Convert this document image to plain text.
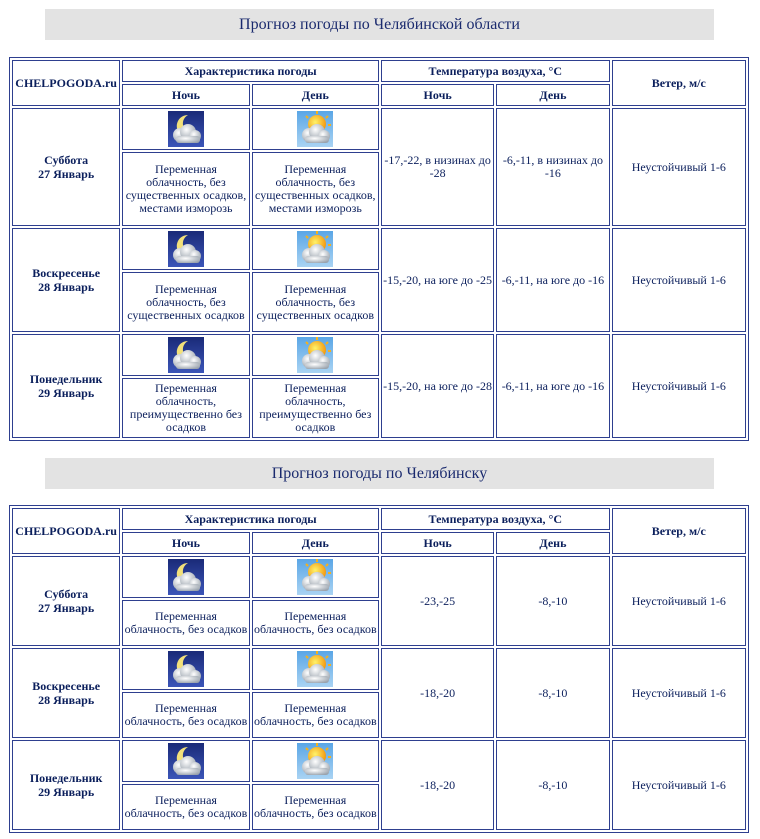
Прогноз погоды по Челябинской области
CHELPOGODA.ru	Характеристика погоды		Температура воздуха, °С		Ветер, м/с
	Ночь	День	Ночь	День	
Суббота
27 Январь			-17,-22, в низинах до -28	-6,-11, в низинах до -16	Неустойчивый 1-6
	Переменная облачность, без существенных осадков, местами изморозь	Переменная облачность, без существенных осадков, местами изморозь			
Воскресенье
28 Январь			-15,-20, на юге до -25	-6,-11, на юге до -16	Неустойчивый 1-6
	Переменная облачность, без существенных осадков	Переменная облачность, без существенных осадков			
Понедельник
29 Январь			-15,-20, на юге до -28	-6,-11, на юге до -16	Неустойчивый 1-6
	Переменная облачность, преимущественно без осадков	Переменная облачность, преимущественно без осадков			
Прогноз погоды по Челябинску
CHELPOGODA.ru	Характеристика погоды		Температура воздуха, °С		Ветер, м/с
	Ночь	День	Ночь	День	
Суббота
27 Январь			-23,-25	-8,-10	Неустойчивый 1-6
	Переменная облачность, без осадков	Переменная облачность, без осадков			
Воскресенье
28 Январь			-18,-20	-8,-10	Неустойчивый 1-6
	Переменная облачность, без осадков	Переменная облачность, без осадков			
Понедельник
29 Январь			-18,-20	-8,-10	Неустойчивый 1-6
	Переменная облачность, без осадков	Переменная облачность, без осадков			
